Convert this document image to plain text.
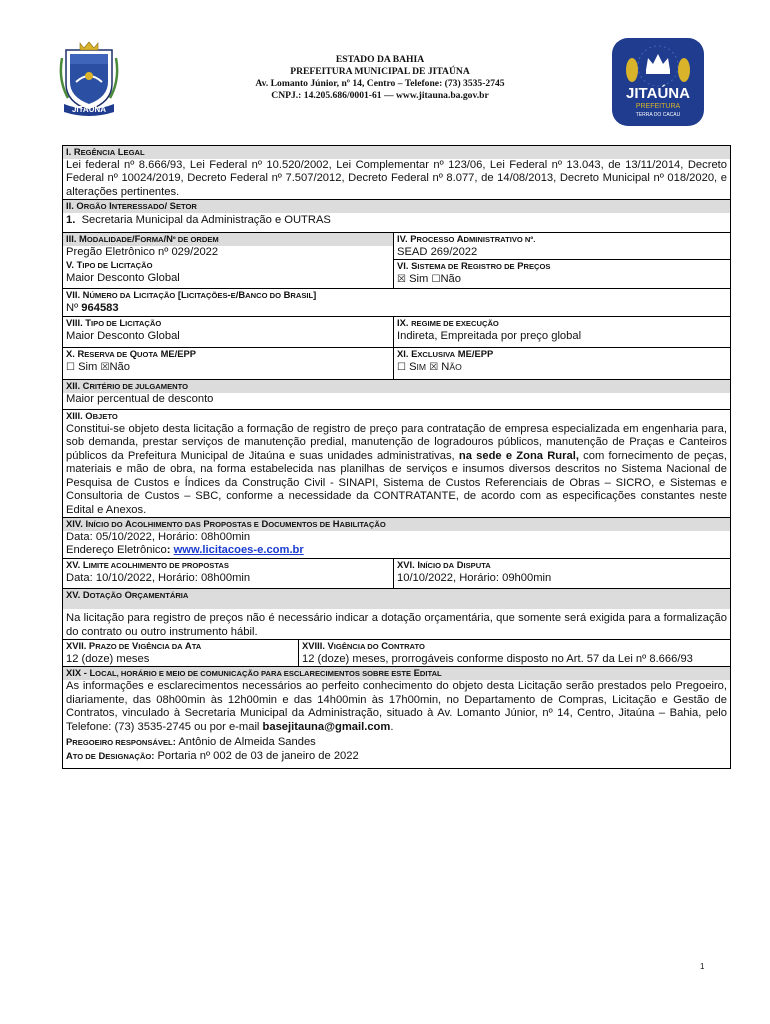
JITAÚNA
ESTADO DA BAHIA
PREFEITURA MUNICIPAL DE JITAÚNA
Av. Lomanto Júnior, nº 14, Centro – Telefone: (73) 3535-2745
CNPJ.: 14.205.686/0001-61 — www.jitauna.ba.gov.br	JITAÚNA
PREFEITURA
TERRA DO CACAU
I. REGÊNCIA LEGAL
Lei federal nº 8.666/93, Lei Federal nº 10.520/2002, Lei Complementar nº 123/06, Lei Federal nº 13.043, de 13/11/2014, Decreto Federal nº 10024/2019, Decreto Federal nº 7.507/2012, Decreto Federal nº 8.077, de 14/08/2013, Decreto Municipal nº 018/2020, e alterações pertinentes.
II. ORGÃO INTERESSADO/ SETOR
1. Secretaria Municipal da Administração e OUTRAS
III. MODALIDADE/FORMA/Nº DE ORDEM
Pregão Eletrônico nº 029/2022
IV. PROCESSO ADMINISTRATIVO Nº.
SEAD 269/2022
V. TIPO DE LICITAÇÃO
Maior Desconto Global
VI. SISTEMA DE REGISTRO DE PREÇOS
☒ Sim ☐Não
VII. NÚMERO DA LICITAÇÃO [LICITAÇÕES-E/BANCO DO BRASIL]
Nº 964583
VIII. TIPO DE LICITAÇÃO
Maior Desconto Global
IX. REGIME DE EXECUÇÃO
Indireta, Empreitada por preço global
X. RESERVA DE QUOTA ME/EPP
☐ Sim ☒Não
XI. EXCLUSIVA ME/EPP
☐ SIM ☒ NÃO
XII. CRITÉRIO DE JULGAMENTO
Maior percentual de desconto
XIII. OBJETO
Constitui-se objeto desta licitação a formação de registro de preço para contratação de empresa especializada em engenharia para, sob demanda, prestar serviços de manutenção predial, manutenção de logradouros públicos, manutenção de Praças e Canteiros públicos da Prefeitura Municipal de Jitaúna e suas unidades administrativas, na sede e Zona Rural, com fornecimento de peças, materiais e mão de obra, na forma estabelecida nas planilhas de serviços e insumos diversos descritos no Sistema Nacional de Pesquisa de Custos e Índices da Construção Civil - SINAPI, Sistema de Custos Referenciais de Obras – SICRO, e Sistemas e Consultoria de Custos – SBC, conforme a necessidade da CONTRATANTE, de acordo com as especificações constantes neste Edital e Anexos.
XIV. INÍCIO DO ACOLHIMENTO DAS PROPOSTAS E DOCUMENTOS DE HABILITAÇÃO
Data: 05/10/2022, Horário: 08h00min
Endereço Eletrônico: www.licitacoes-e.com.br
XV. LIMITE ACOLHIMENTO DE PROPOSTAS
Data: 10/10/2022, Horário: 08h00min
XVI. INÍCIO DA DISPUTA
10/10/2022, Horário: 09h00min
XV. DOTAÇÃO ORÇAMENTÁRIA
Na licitação para registro de preços não é necessário indicar a dotação orçamentária, que somente será exigida para a formalização do contrato ou outro instrumento hábil.
XVII. PRAZO DE VIGÊNCIA DA ATA
12 (doze) meses
XVIII. VIGÊNCIA DO CONTRATO
12 (doze) meses, prorrogáveis conforme disposto no Art. 57 da Lei nº 8.666/93
XIX - LOCAL, HORÁRIO E MEIO DE COMUNICAÇÃO PARA ESCLARECIMENTOS SOBRE ESTE EDITAL
As informações e esclarecimentos necessários ao perfeito conhecimento do objeto desta Licitação serão prestados pelo Pregoeiro, diariamente, das 08h00min às 12h00min e das 14h00min às 17h00min, no Departamento de Compras, Licitação e Gestão de Contratos, vinculado à Secretaria Municipal da Administração, situado à Av. Lomanto Júnior, nº 14, Centro, Jitaúna – Bahia, pelo Telefone: (73) 3535-2745 ou por e-mail basejitauna@gmail.com.
PREGOEIRO RESPONSÁVEL: Antônio de Almeida Sandes
ATO DE DESIGNAÇÃO: Portaria nº 002 de 03 de janeiro de 2022
1
